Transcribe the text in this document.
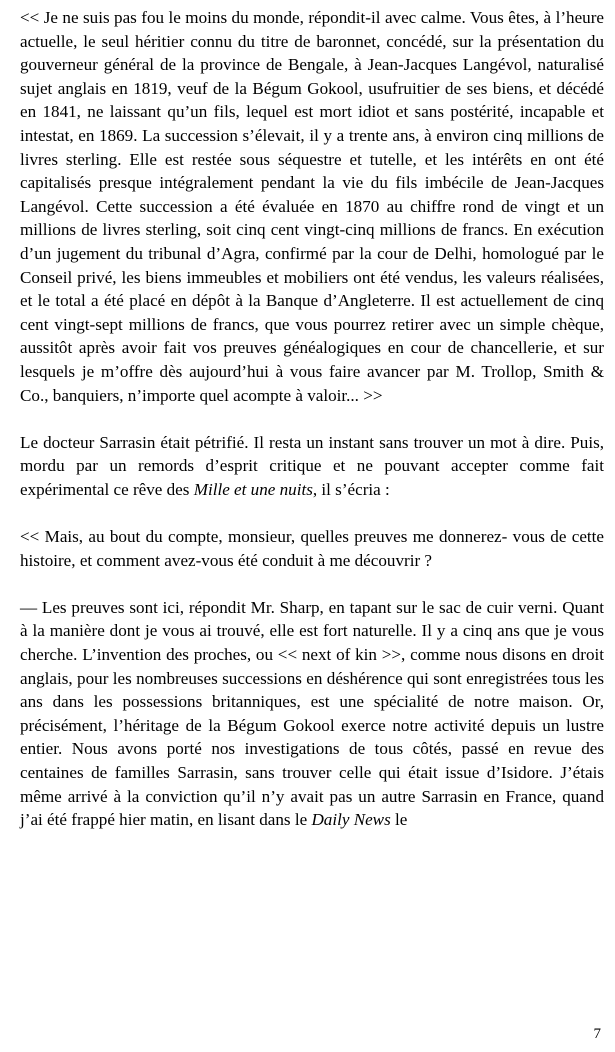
<< Je ne suis pas fou le moins du monde, répondit-il avec calme. Vous êtes, à l’heure actuelle, le seul héritier connu du titre de baronnet, concédé, sur la présentation du gouverneur général de la province de Bengale, à Jean-Jacques Langévol, naturalisé sujet anglais en 1819, veuf de la Bégum Gokool, usufruitier de ses biens, et décédé en 1841, ne laissant qu’un fils, lequel est mort idiot et sans postérité, incapable et intestat, en 1869. La succession s’élevait, il y a trente ans, à environ cinq millions de livres sterling. Elle est restée sous séquestre et tutelle, et les intérêts en ont été capitalisés presque intégralement pendant la vie du fils imbécile de Jean-Jacques Langévol. Cette succession a été évaluée en 1870 au chiffre rond de vingt et un millions de livres sterling, soit cinq cent vingt-cinq millions de francs. En exécution d’un jugement du tribunal d’Agra, confirmé par la cour de Delhi, homologué par le Conseil privé, les biens immeubles et mobiliers ont été vendus, les valeurs réalisées, et le total a été placé en dépôt à la Banque d’Angleterre. Il est actuellement de cinq cent vingt-sept millions de francs, que vous pourrez retirer avec un simple chèque, aussitôt après avoir fait vos preuves généalogiques en cour de chancellerie, et sur lesquels je m’offre dès aujourd’hui à vous faire avancer par M. Trollop, Smith & Co., banquiers, n’importe quel acompte à valoir... >>

Le docteur Sarrasin était pétrifié. Il resta un instant sans trouver un mot à dire. Puis, mordu par un remords d’esprit critique et ne pouvant accepter comme fait expérimental ce rêve des Mille et une nuits, il s’écria :

<< Mais, au bout du compte, monsieur, quelles preuves me donnerez- vous de cette histoire, et comment avez-vous été conduit à me découvrir ?

— Les preuves sont ici, répondit Mr. Sharp, en tapant sur le sac de cuir verni. Quant à la manière dont je vous ai trouvé, elle est fort naturelle. Il y a cinq ans que je vous cherche. L’invention des proches, ou << next of kin >>, comme nous disons en droit anglais, pour les nombreuses successions en déshérence qui sont enregistrées tous les ans dans les possessions britanniques, est une spécialité de notre maison. Or, précisément, l’héritage de la Bégum Gokool exerce notre activité depuis un lustre entier. Nous avons porté nos investigations de tous côtés, passé en revue des centaines de familles Sarrasin, sans trouver celle qui était issue d’Isidore. J’étais même arrivé à la conviction qu’il n’y avait pas un autre Sarrasin en France, quand j’ai été frappé hier matin, en lisant dans le Daily News le

7
